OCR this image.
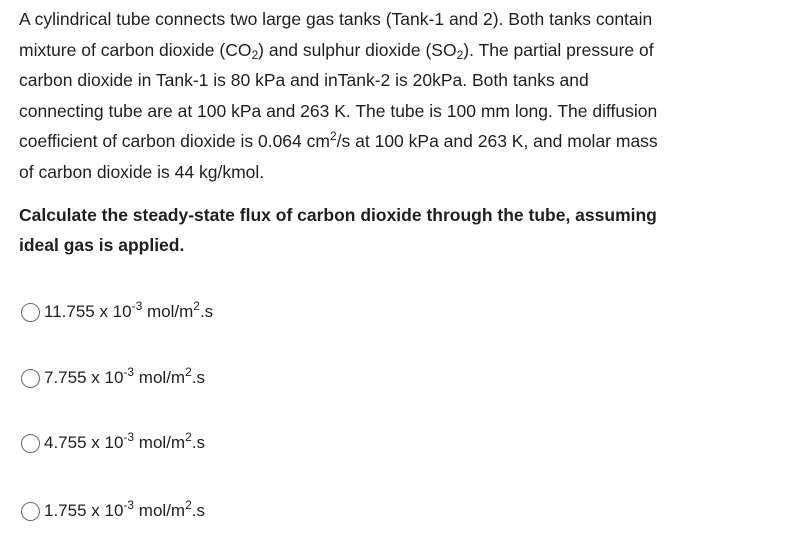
A cylindrical tube connects two large gas tanks (Tank-1 and 2). Both tanks contain

mixture of carbon dioxide $(CO_2)$ and sulphur dioxide $(SO_2)$. The partial pressure of

carbon dioxide in Tank-1 is 80 kPa and inTank-2 is 20kPa. Both tanks and

connecting tube are at 100 kPa and 263 K. The tube is 100 mm long. The diffusion

coefficient of carbon dioxide is 0.064 $cm^2/s$ at 100 kPa and 263 K, and molar mass

of carbon dioxide is 44 kg/kmol.

Calculate the steady-state flux of carbon dioxide through the tube, assuming
ideal gas is applied.
11.755 x $10^{-3}$ mol/$m^2.s$
7.755 x $10^{-3}$ mol/$m^2.s$
4.755 x $10^{-3}$ mol/$m^2.s$
1.755 x $10^{-3}$ mol/$m^2.s$
